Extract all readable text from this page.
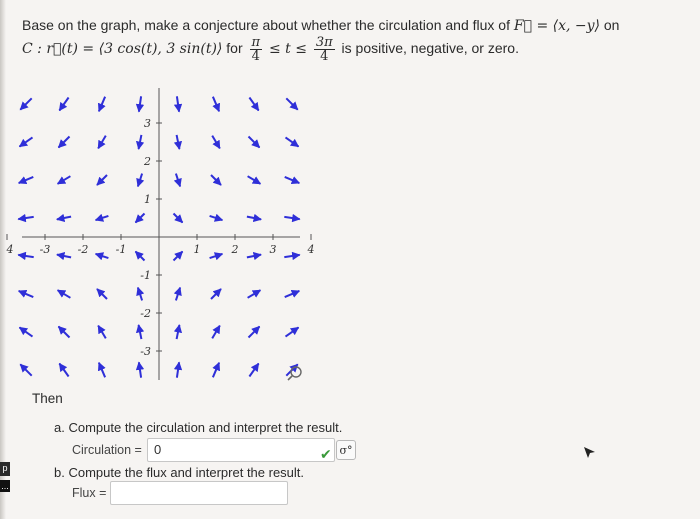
Base on the graph, make a conjecture about whether the circulation and flux of F⃗ = ⟨x, −y⟩ on
C : r⃗(t) = ⟨3 cos(t), 3 sin(t)⟩ for $\frac{\pi}{4} \le t \le \frac{3\pi}{4}$ is positive, negative, or zero.
4 -3 -2 -1	1	2	3	4
3
2
1
-1
-2
-3
Then
a. Compute the circulation and interpret the result.
Circulation = 0	✔ σ°
b. Compute the flux and interpret the result.
Flux =
p
...
